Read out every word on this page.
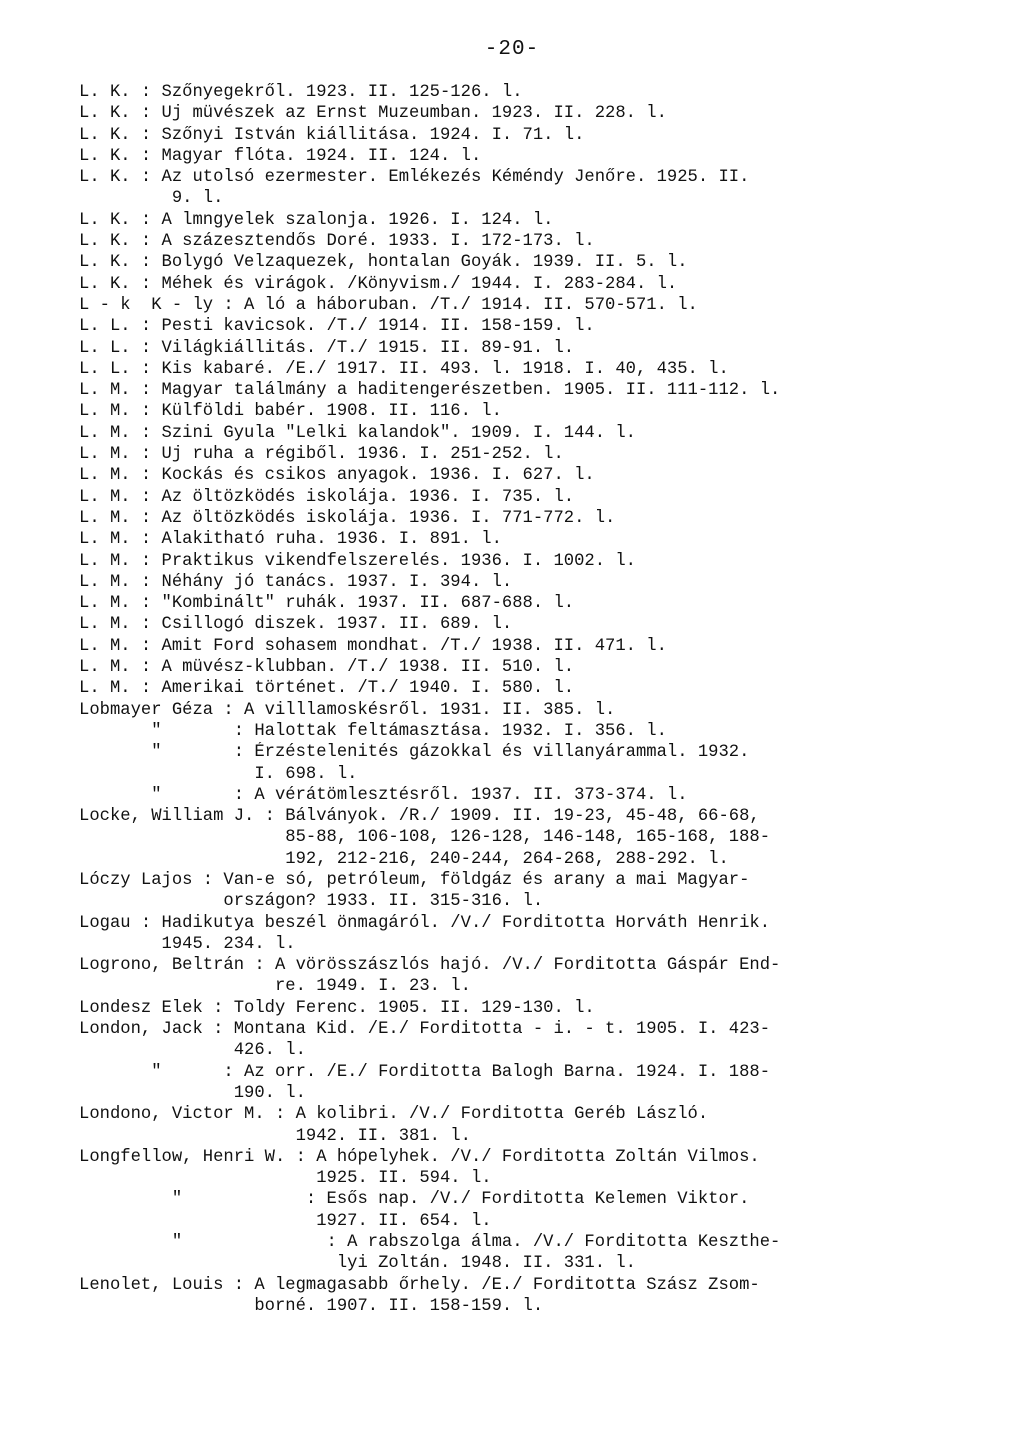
-20-
L. K. : Szőnyegekről. 1923. II. 125-126. l.
L. K. : Uj müvészek az Ernst Muzeumban. 1923. II. 228. l.
L. K. : Szőnyi István kiállitása. 1924. I. 71. l.
L. K. : Magyar flóta. 1924. II. 124. l.
L. K. : Az utolsó ezermester. Emlékezés Kéméndy Jenőre. 1925. II.
9. l.
L. K. : A lmngyelek szalonja. 1926. I. 124. l.
L. K. : A százesztendős Doré. 1933. I. 172-173. l.
L. K. : Bolygó Velzaquezek, hontalan Goyák. 1939. II. 5. l.
L. K. : Méhek és virágok. /Könyvism./ 1944. I. 283-284. l.
L - k  K - ly : A ló a háboruban. /T./ 1914. II. 570-571. l.
L. L. : Pesti kavicsok. /T./ 1914. II. 158-159. l.
L. L. : Világkiállitás. /T./ 1915. II. 89-91. l.
L. L. : Kis kabaré. /E./ 1917. II. 493. l. 1918. I. 40, 435. l.
L. M. : Magyar találmány a haditengerészetben. 1905. II. 111-112. l.
L. M. : Külföldi babér. 1908. II. 116. l.
L. M. : Szini Gyula "Lelki kalandok". 1909. I. 144. l.
L. M. : Uj ruha a régiből. 1936. I. 251-252. l.
L. M. : Kockás és csikos anyagok. 1936. I. 627. l.
L. M. : Az öltözködés iskolája. 1936. I. 735. l.
L. M. : Az öltözködés iskolája. 1936. I. 771-772. l.
L. M. : Alakitható ruha. 1936. I. 891. l.
L. M. : Praktikus vikendfelszerelés. 1936. I. 1002. l.
L. M. : Néhány jó tanács. 1937. I. 394. l.
L. M. : "Kombinált" ruhák. 1937. II. 687-688. l.
L. M. : Csillogó diszek. 1937. II. 689. l.
L. M. : Amit Ford sohasem mondhat. /T./ 1938. II. 471. l.
L. M. : A müvész-klubban. /T./ 1938. II. 510. l.
L. M. : Amerikai történet. /T./ 1940. I. 580. l.
Lobmayer Géza : A villlamoskésről. 1931. II. 385. l.
"       : Halottak feltámasztása. 1932. I. 356. l.
"       : Érzéstelenités gázokkal és villanyárammal. 1932.
I. 698. l.
"       : A vérátömlesztésről. 1937. II. 373-374. l.
Locke, William J. : Bálványok. /R./ 1909. II. 19-23, 45-48, 66-68,
85-88, 106-108, 126-128, 146-148, 165-168, 188-
192, 212-216, 240-244, 264-268, 288-292. l.
Lóczy Lajos : Van-e só, petróleum, földgáz és arany a mai Magyar-
országon? 1933. II. 315-316. l.
Logau : Hadikutya beszél önmagáról. /V./ Forditotta Horváth Henrik.
1945. 234. l.
Logrono, Beltrán : A vörösszászlós hajó. /V./ Forditotta Gáspár End-
re. 1949. I. 23. l.
Londesz Elek : Toldy Ferenc. 1905. II. 129-130. l.
London, Jack : Montana Kid. /E./ Forditotta - i. - t. 1905. I. 423-
426. l.
"      : Az orr. /E./ Forditotta Balogh Barna. 1924. I. 188-
190. l.
Londono, Victor M. : A kolibri. /V./ Forditotta Geréb László.
1942. II. 381. l.
Longfellow, Henri W. : A hópelyhek. /V./ Forditotta Zoltán Vilmos.
1925. II. 594. l.
"            : Esős nap. /V./ Forditotta Kelemen Viktor.
1927. II. 654. l.
"              : A rabszolga álma. /V./ Forditotta Keszthe-
lyi Zoltán. 1948. II. 331. l.
Lenolet, Louis : A legmagasabb őrhely. /E./ Forditotta Szász Zsom-
borné. 1907. II. 158-159. l.
